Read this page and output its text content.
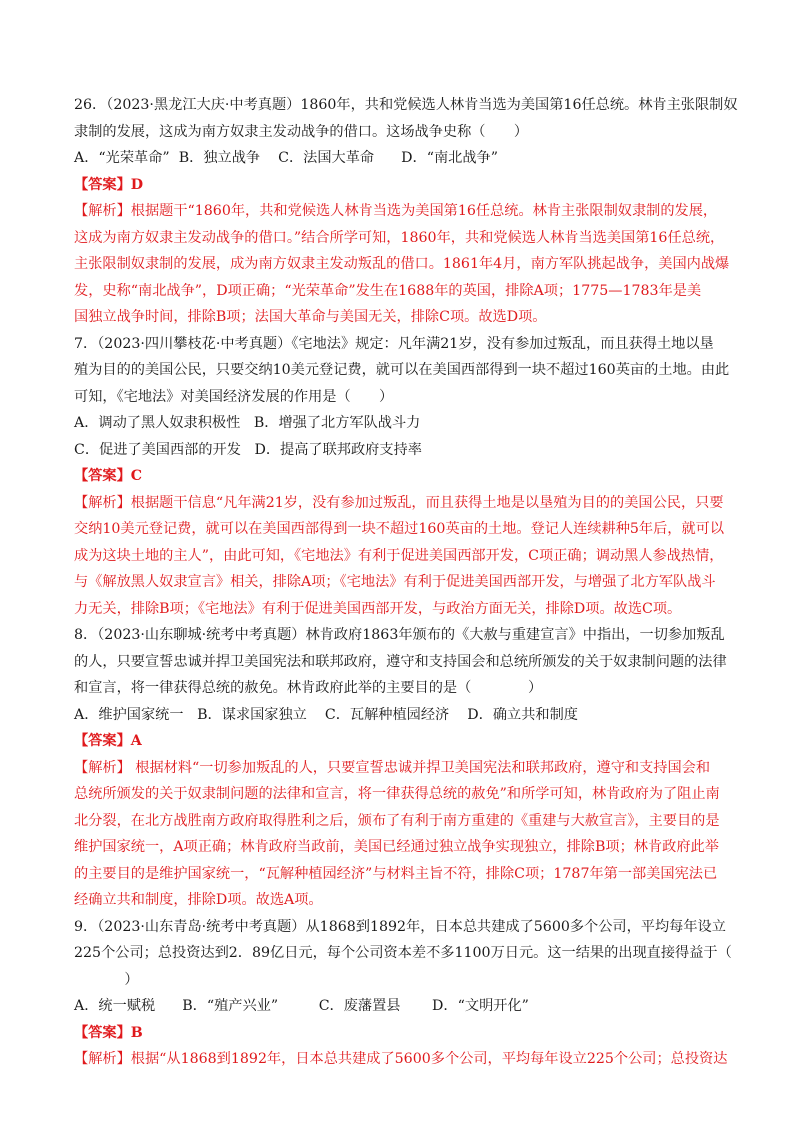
26．（2023·黑龙江大庆·中考真题）1860年，共和党候选人林肯当选为美国第16任总统。林肯主张限制奴
隶制的发展，这成为南方奴隶主发动战争的借口。这场战争史称（　　）
A．“光荣革命”  B．独立战争    C．法国大革命      D．“南北战争”
【答案】D
【解析】根据题干“1860年，共和党候选人林肯当选为美国第16任总统。林肯主张限制奴隶制的发展，
这成为南方奴隶主发动战争的借口。”结合所学可知，1860年，共和党候选人林肯当选美国第16任总统，
主张限制奴隶制的发展，成为南方奴隶主发动叛乱的借口。1861年4月，南方军队挑起战争，美国内战爆
发，史称“南北战争”，D项正确；“光荣革命”发生在1688年的英国，排除A项；1775—1783年是美
国独立战争时间，排除B项；法国大革命与美国无关，排除C项。故选D项。
7．（2023·四川攀枝花·中考真题）《宅地法》规定：凡年满21岁，没有参加过叛乱，而且获得土地以垦
殖为目的的美国公民，只要交纳10美元登记费，就可以在美国西部得到一块不超过160英亩的土地。由此
可知，《宅地法》对美国经济发展的作用是（　　）
A．调动了黑人奴隶积极性   B．增强了北方军队战斗力
C．促进了美国西部的开发   D．提高了联邦政府支持率
【答案】C
【解析】根据题干信息“凡年满21岁，没有参加过叛乱，而且获得土地是以垦殖为目的的美国公民，只要
交纳10美元登记费，就可以在美国西部得到一块不超过160英亩的土地。登记人连续耕种5年后，就可以
成为这块土地的主人”，由此可知，《宅地法》有利于促进美国西部开发，C项正确；调动黑人参战热情，
与《解放黑人奴隶宣言》相关，排除A项；《宅地法》有利于促进美国西部开发，与增强了北方军队战斗
力无关，排除B项；《宅地法》有利于促进美国西部开发，与政治方面无关，排除D项。故选C项。
8．（2023·山东聊城·统考中考真题）林肯政府1863年颁布的《大赦与重建宣言》中指出，一切参加叛乱
的人，只要宣誓忠诚并捍卫美国宪法和联邦政府，遵守和支持国会和总统所颁发的关于奴隶制问题的法律
和宣言，将一律获得总统的赦免。林肯政府此举的主要目的是（　　　　）
A．维护国家统一   B．谋求国家独立    C．瓦解种植园经济    D．确立共和制度
【答案】A
【解析】 根据材料“一切参加叛乱的人，只要宣誓忠诚并捍卫美国宪法和联邦政府，遵守和支持国会和
总统所颁发的关于奴隶制问题的法律和宣言，将一律获得总统的赦免”和所学可知，林肯政府为了阻止南
北分裂，在北方战胜南方政府取得胜利之后，颁布了有利于南方重建的《重建与大赦宣言》，主要目的是
维护国家统一，A项正确；林肯政府当政前，美国已经通过独立战争实现独立，排除B项；林肯政府此举
的主要目的是维护国家统一，“瓦解种植园经济”与材料主旨不符，排除C项；1787年第一部美国宪法已
经确立共和制度，排除D项。故选A项。
9．（2023·山东青岛·统考中考真题）从1868到1892年，日本总共建成了5600多个公司，平均每年设立
225个公司；总投资达到2．89亿日元，每个公司资本差不多1100万日元。这一结果的出现直接得益于（
　　）
A．统一赋税      B．“殖产兴业”         C．废藩置县       D．“文明开化”
【答案】B
【解析】根据“从1868到1892年，日本总共建成了5600多个公司，平均每年设立225个公司；总投资达
